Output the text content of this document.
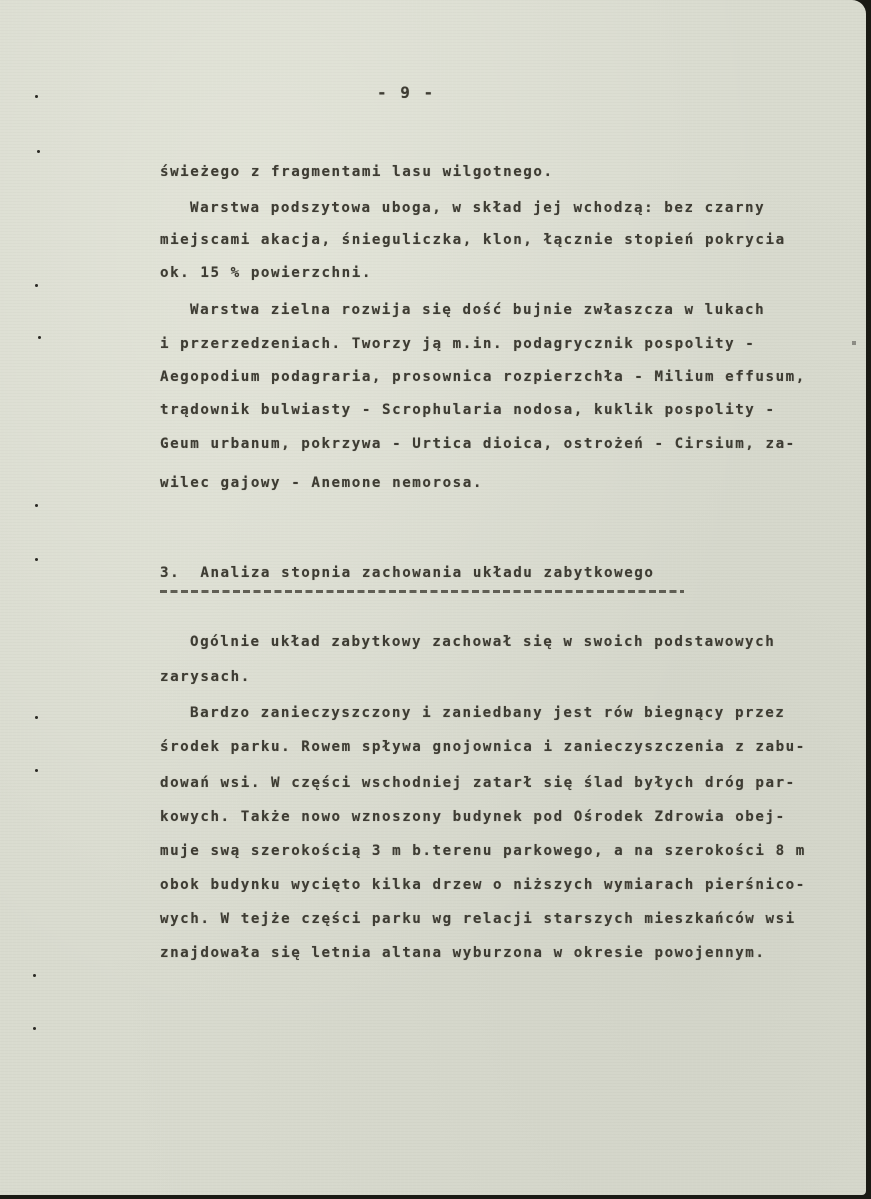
- 9 -

świeżego z fragmentami lasu wilgotnego.

Warstwa podszytowa uboga, w skład jej wchodzą: bez czarny

miejscami akacja, śnieguliczka, klon, łącznie stopień pokrycia

ok. 15 % powierzchni.

Warstwa zielna rozwija się dość bujnie zwłaszcza w lukach

i przerzedzeniach. Tworzy ją m.in. podagrycznik pospolity -

Aegopodium podagraria, prosownica rozpierzchła - Milium effusum,

trądownik bulwiasty - Scrophularia nodosa, kuklik pospolity -

Geum urbanum, pokrzywa - Urtica dioica, ostrożeń - Cirsium, za-

wilec gajowy - Anemone nemorosa.

3.  Analiza stopnia zachowania układu zabytkowego

Ogólnie układ zabytkowy zachował się w swoich podstawowych

zarysach.

Bardzo zanieczyszczony i zaniedbany jest rów biegnący przez

środek parku. Rowem spływa gnojownica i zanieczyszczenia z zabu-

dowań wsi. W części wschodniej zatarł się ślad byłych dróg par-

kowych. Także nowo wznoszony budynek pod Ośrodek Zdrowia obej-

muje swą szerokością 3 m b.terenu parkowego, a na szerokości 8 m

obok budynku wycięto kilka drzew o niższych wymiarach pierśnico-

wych. W tejże części parku wg relacji starszych mieszkańców wsi

znajdowała się letnia altana wyburzona w okresie powojennym.
